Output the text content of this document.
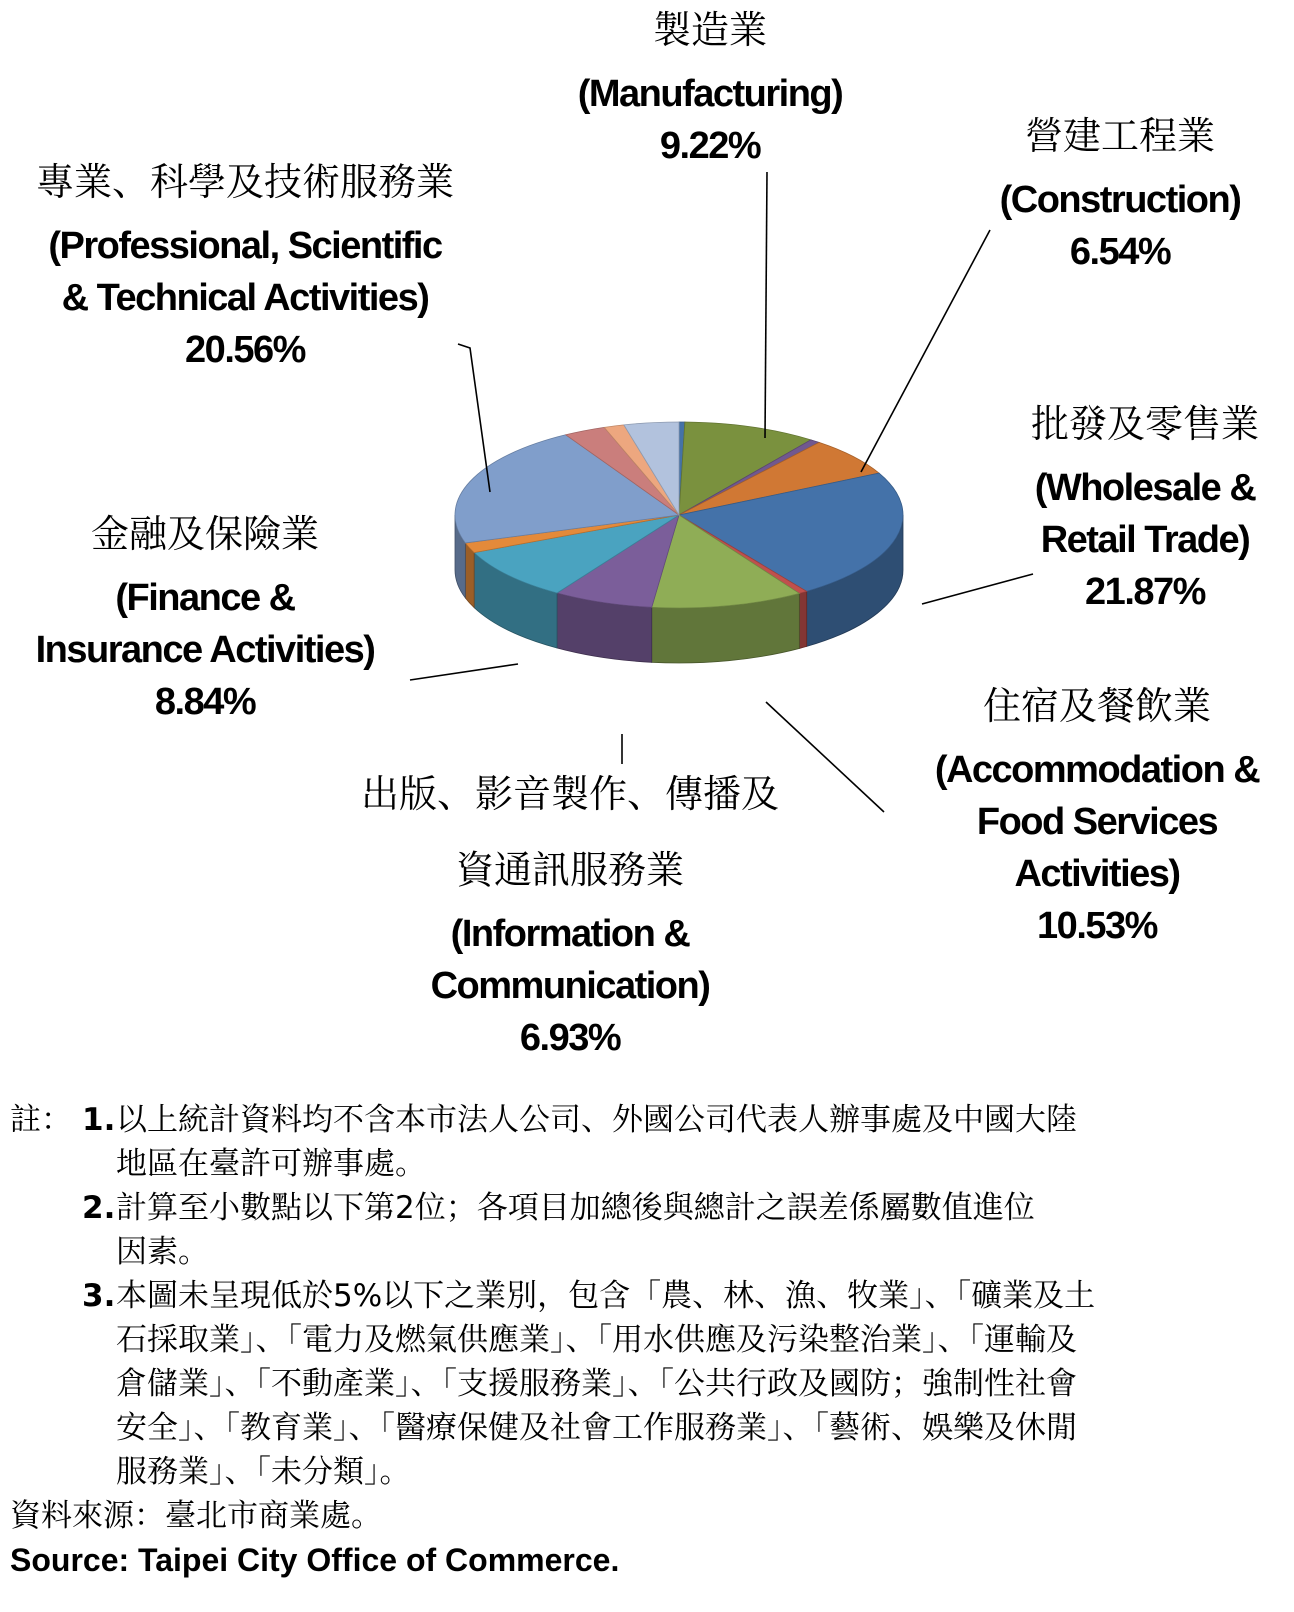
製造業
(Manufacturing)
9.22%	營建工程業
(Construction)
6.54%
批發及零售業
(Wholesale &
Retail Trade)
21.87%
住宿及餐飲業
(Accommodation &
Food Services
Activities)
10.53%
出版、影音製作、傳播及
資通訊服務業
(Information &
Communication)
6.93%
金融及保險業
(Finance &
Insurance Activities)
8.84%
專業、科學及技術服務業
(Professional, Scientific
& Technical Activities)
20.56%
註： 1. 以上統計資料均不含本市法人公司、外國公司代表人辦事處及中國大陸
地區在臺許可辦事處。
2. 計算至小數點以下第2位；各項目加總後與總計之誤差係屬數值進位
因素。
3. 本圖未呈現低於5%以下之業別，包含「農、林、漁、牧業」、「礦業及土
石採取業」、「電力及燃氣供應業」、「用水供應及污染整治業」、「運輸及
倉儲業」、「不動產業」、「支援服務業」、「公共行政及國防；強制性社會
安全」、「教育業」、「醫療保健及社會工作服務業」、「藝術、娛樂及休閒
服務業」、「未分類」。
資料來源：臺北市商業處。
Source: Taipei City Office of Commerce.
